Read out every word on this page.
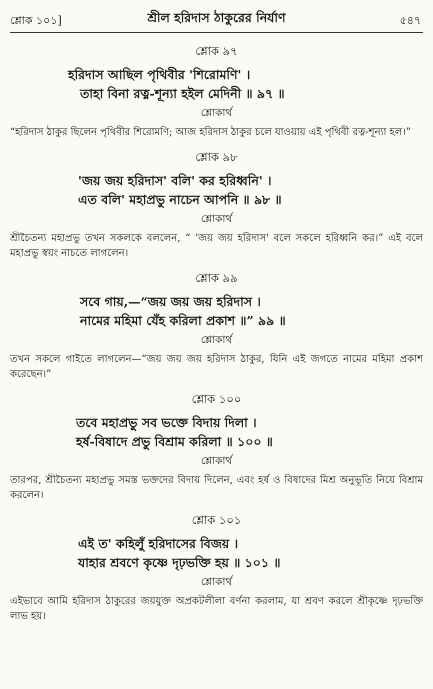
শ্লোক ১০১]	শ্রীল হরিদাস ঠাকুরের নির্যাণ	৫৪৭
শ্লোক ৯৭
হরিদাস আছিল পৃথিবীর 'শিরোমণি' ।
তাহা বিনা রত্ন-শূন্যা হইল মেদিনী ॥ ৯৭ ॥
শ্লোকার্থ
“হরিদাস ঠাকুর ছিলেন পৃথিবীর শিরোমণি; আজ হরিদাস ঠাকুর চলে যাওয়ায় এই পৃথিবী রত্ন-শূন্যা হল।”
শ্লোক ৯৮
'জয় জয় হরিদাস' বলি' কর হরিধ্বনি' ।
এত বলি' মহাপ্রভু নাচেন আপনি ॥ ৯৮ ॥
শ্লোকার্থ
শ্রীচৈতন্য মহাপ্রভু তখন সকলকে বললেন, “ 'জয় জয় হরিদাস' বলে সকলে হরিধ্বনি কর।” এই বলে মহাপ্রভু স্বয়ং নাচতে লাগলেন।
শ্লোক ৯৯
সবে গায়,—“জয় জয় জয় হরিদাস ।
নামের মহিমা যেঁহ করিলা প্রকাশ ॥” ৯৯ ॥
শ্লোকার্থ
তখন সকলে গাইতে লাগলেন—“জয় জয় জয় হরিদাস ঠাকুর, যিনি এই জগতে নামের মহিমা প্রকাশ করেছেন।”
শ্লোক ১০০
তবে মহাপ্রভু সব ভক্তে বিদায় দিলা ।
হর্ষ-বিষাদে প্রভু বিশ্রাম করিলা ॥ ১০০ ॥
শ্লোকার্থ
তারপর, শ্রীচৈতন্য মহাপ্রভু সমস্ত ভক্তদের বিদায় দিলেন, এবং হর্ষ ও বিষাদের মিশ্র অনুভূতি নিয়ে বিশ্রাম করলেন।
শ্লোক ১০১
এই ত' কহিলুঁ হরিদাসের বিজয় ।
যাহার শ্রবণে কৃষ্ণে দৃঢ়ভক্তি হয় ॥ ১০১ ॥
শ্লোকার্থ
এইভাবে আমি হরিদাস ঠাকুরের জয়যুক্ত অপ্রকটলীলা বর্ণনা করলাম, যা শ্রবণ করলে শ্রীকৃষ্ণে দৃঢ়ভক্তি লাভ হয়।
